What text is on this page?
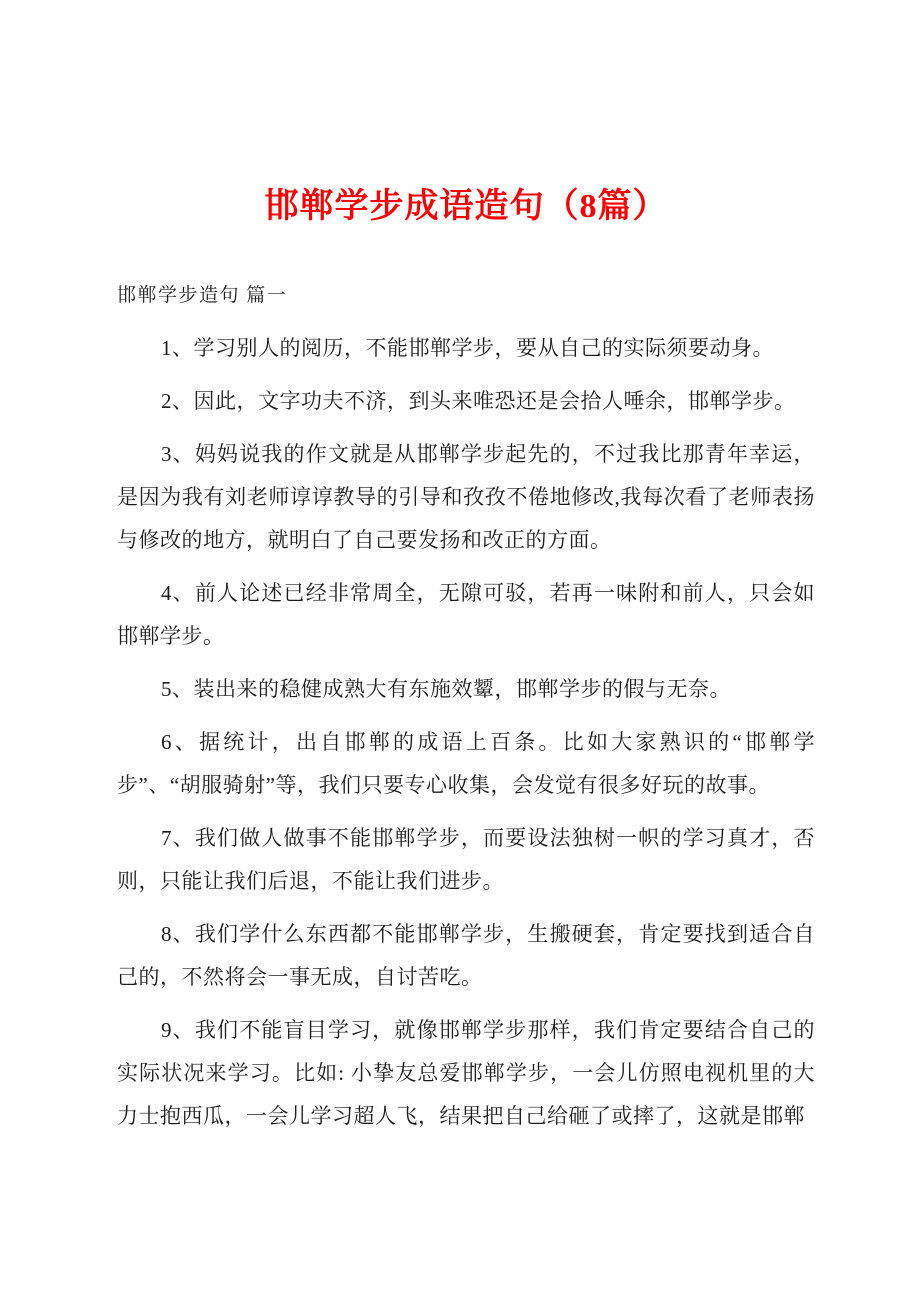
邯郸学步成语造句（8篇）

邯郸学步造句 篇一

1、学习别人的阅历，不能邯郸学步，要从自己的实际须要动身。

2、因此，文字功夫不济，到头来唯恐还是会拾人唾余，邯郸学步。

3、妈妈说我的作文就是从邯郸学步起先的，不过我比那青年幸运，是因为我有刘老师谆谆教导的引导和孜孜不倦地修改,我每次看了老师表扬与修改的地方，就明白了自己要发扬和改正的方面。

4、前人论述已经非常周全，无隙可驳，若再一味附和前人，只会如邯郸学步。

5、装出来的稳健成熟大有东施效颦，邯郸学步的假与无奈。

6、据统计，出自邯郸的成语上百条。比如大家熟识的“邯郸学步”、“胡服骑射”等，我们只要专心收集，会发觉有很多好玩的故事。

7、我们做人做事不能邯郸学步，而要设法独树一帜的学习真才，否则，只能让我们后退，不能让我们进步。

8、我们学什么东西都不能邯郸学步，生搬硬套，肯定要找到适合自己的，不然将会一事无成，自讨苦吃。

9、我们不能盲目学习，就像邯郸学步那样，我们肯定要结合自己的实际状况来学习。比如: 小挚友总爱邯郸学步，一会儿仿照电视机里的大力士抱西瓜，一会儿学习超人飞，结果把自己给砸了或摔了，这就是邯郸
